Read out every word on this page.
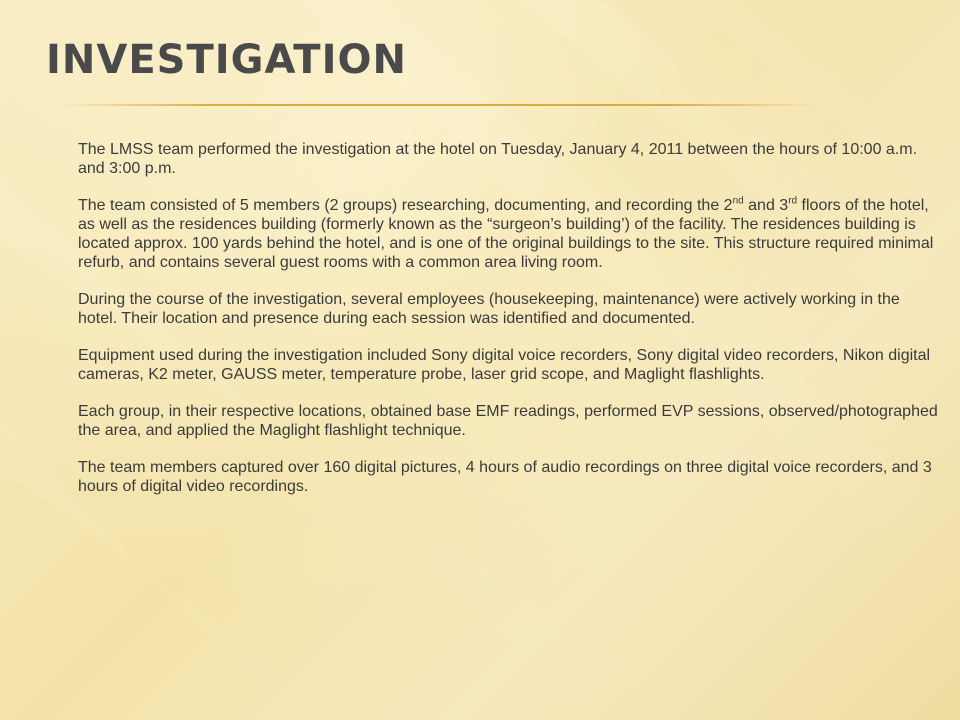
INVESTIGATION

The LMSS team performed the investigation at the hotel on Tuesday, January 4, 2011 between the hours of 10:00 a.m. and 3:00 p.m.

The team consisted of 5 members (2 groups) researching, documenting, and recording the 2nd and 3rd floors of the hotel, as well as the residences building (formerly known as the “surgeon’s building’) of the facility. The residences building is located approx. 100 yards behind the hotel, and is one of the original buildings to the site. This structure required minimal refurb, and contains several guest rooms with a common area living room.

During the course of the investigation, several employees (housekeeping, maintenance) were actively working in the hotel. Their location and presence during each session was identified and documented.

Equipment used during the investigation included Sony digital voice recorders, Sony digital video recorders, Nikon digital cameras, K2 meter, GAUSS meter, temperature probe, laser grid scope, and Maglight flashlights.

Each group, in their respective locations, obtained base EMF readings, performed EVP sessions, observed/photographed the area, and applied the Maglight flashlight technique.

The team members captured over 160 digital pictures, 4 hours of audio recordings on three digital voice recorders, and 3 hours of digital video recordings.
